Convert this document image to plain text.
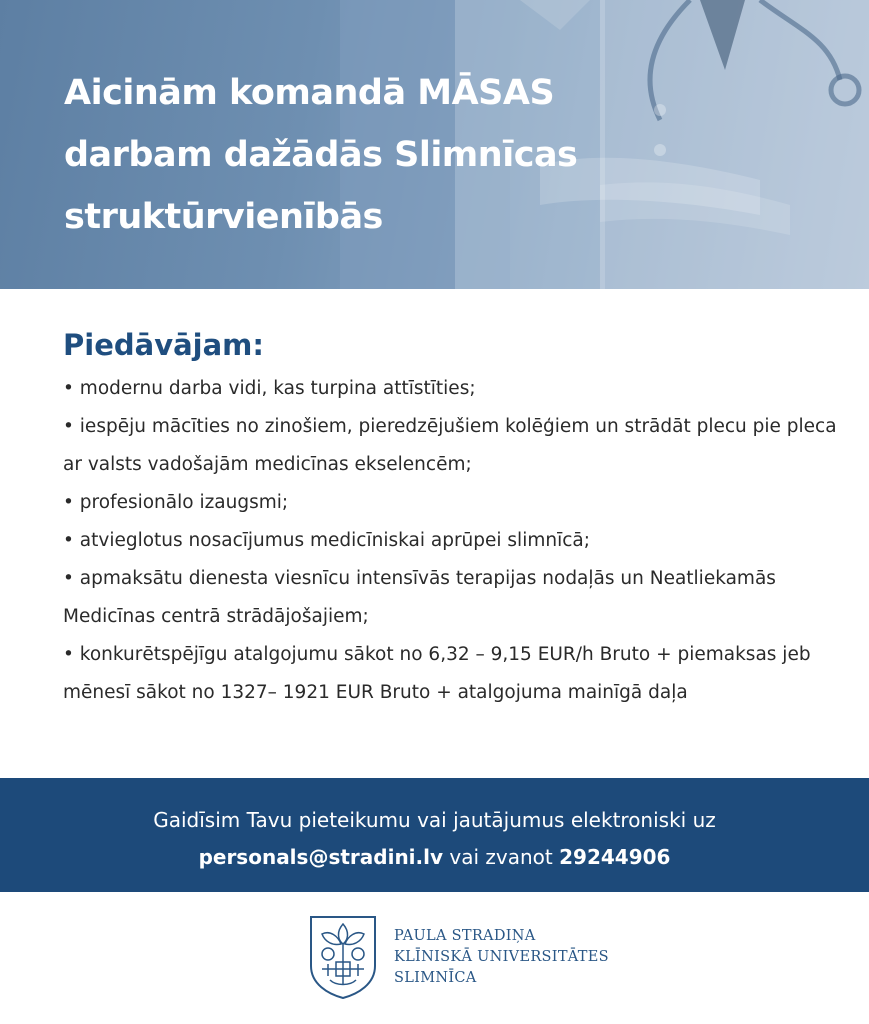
Aicinām komandā MĀSAS
darbam dažādās Slimnīcas
struktūrvienībās
Piedāvājam:
• modernu darba vidi, kas turpina attīstīties;
• iespēju mācīties no zinošiem, pieredzējušiem kolēģiem un strādāt plecu pie pleca ar valsts vadošajām medicīnas ekselencēm;
• profesionālo izaugsmi;
• atvieglotus nosacījumus medicīniskai aprūpei slimnīcā;
• apmaksātu dienesta viesnīcu intensīvās terapijas nodaļās un Neatliekamās Medicīnas centrā strādājošajiem;
• konkurētspējīgu atalgojumu sākot no 6,32 – 9,15 EUR/h Bruto + piemaksas jeb mēnesī sākot no 1327– 1921 EUR Bruto + atalgojuma mainīgā daļa
Gaidīsim Tavu pieteikumu vai jautājumus elektroniski uz
personals@stradini.lv vai zvanot 29244906
PAULA STRADIŅA
KLĪNISKĀ UNIVERSITĀTES
SLIMNĪCA
